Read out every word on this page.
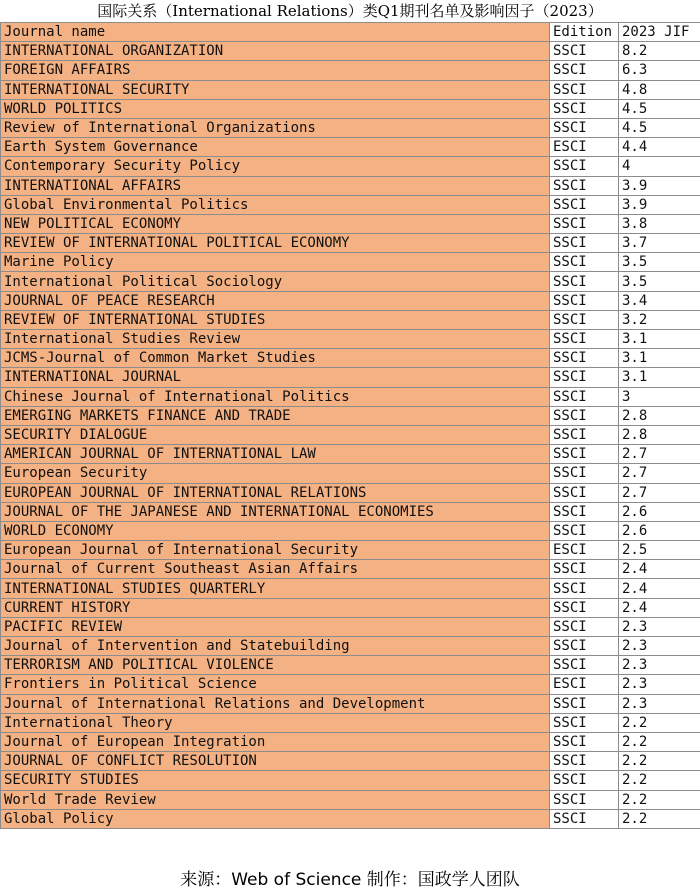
国际关系（International Relations）类Q1期刊名单及影响因子（2023）
Journal name	Edition	2023 JIF
INTERNATIONAL ORGANIZATION	SSCI	8.2
FOREIGN AFFAIRS	SSCI	6.3
INTERNATIONAL SECURITY	SSCI	4.8
WORLD POLITICS	SSCI	4.5
Review of International Organizations	SSCI	4.5
Earth System Governance	ESCI	4.4
Contemporary Security Policy	SSCI	4
INTERNATIONAL AFFAIRS	SSCI	3.9
Global Environmental Politics	SSCI	3.9
NEW POLITICAL ECONOMY	SSCI	3.8
REVIEW OF INTERNATIONAL POLITICAL ECONOMY	SSCI	3.7
Marine Policy	SSCI	3.5
International Political Sociology	SSCI	3.5
JOURNAL OF PEACE RESEARCH	SSCI	3.4
REVIEW OF INTERNATIONAL STUDIES	SSCI	3.2
International Studies Review	SSCI	3.1
JCMS-Journal of Common Market Studies	SSCI	3.1
INTERNATIONAL JOURNAL	SSCI	3.1
Chinese Journal of International Politics	SSCI	3
EMERGING MARKETS FINANCE AND TRADE	SSCI	2.8
SECURITY DIALOGUE	SSCI	2.8
AMERICAN JOURNAL OF INTERNATIONAL LAW	SSCI	2.7
European Security	SSCI	2.7
EUROPEAN JOURNAL OF INTERNATIONAL RELATIONS	SSCI	2.7
JOURNAL OF THE JAPANESE AND INTERNATIONAL ECONOMIES	SSCI	2.6
WORLD ECONOMY	SSCI	2.6
European Journal of International Security	ESCI	2.5
Journal of Current Southeast Asian Affairs	SSCI	2.4
INTERNATIONAL STUDIES QUARTERLY	SSCI	2.4
CURRENT HISTORY	SSCI	2.4
PACIFIC REVIEW	SSCI	2.3
Journal of Intervention and Statebuilding	SSCI	2.3
TERRORISM AND POLITICAL VIOLENCE	SSCI	2.3
Frontiers in Political Science	ESCI	2.3
Journal of International Relations and Development	SSCI	2.3
International Theory	SSCI	2.2
Journal of European Integration	SSCI	2.2
JOURNAL OF CONFLICT RESOLUTION	SSCI	2.2
SECURITY STUDIES	SSCI	2.2
World Trade Review	SSCI	2.2
Global Policy	SSCI	2.2
来源：Web of Science 制作：国政学人团队
